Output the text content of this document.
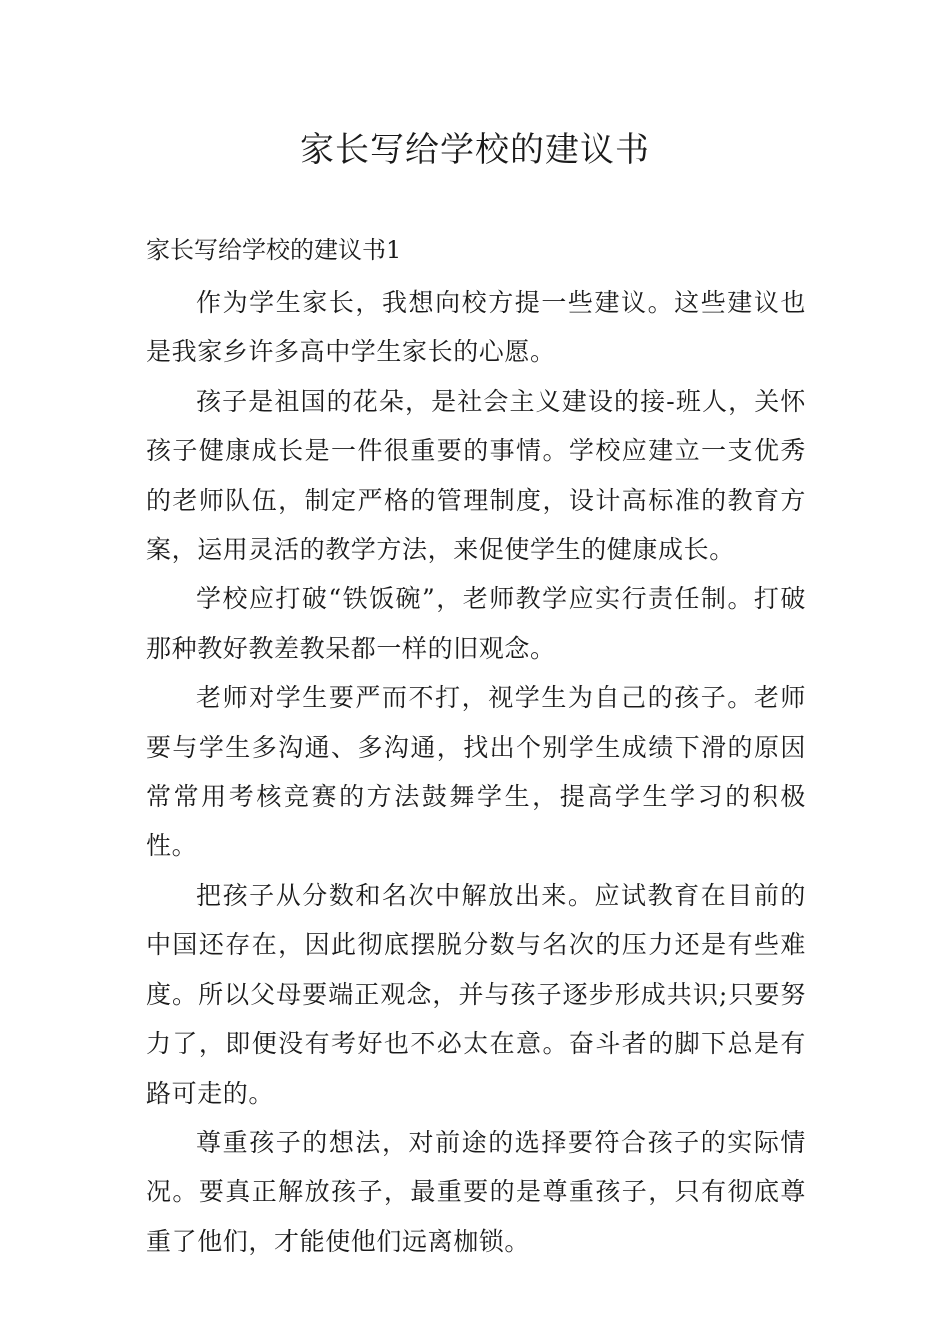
家长写给学校的建议书

家长写给学校的建议书1

作为学生家长，我想向校方提一些建议。这些建议也是我家乡许多高中学生家长的心愿。

孩子是祖国的花朵，是社会主义建设的接-班人，关怀孩子健康成长是一件很重要的事情。学校应建立一支优秀的老师队伍，制定严格的管理制度，设计高标准的教育方案，运用灵活的教学方法，来促使学生的健康成长。

学校应打破“铁饭碗”，老师教学应实行责任制。打破那种教好教差教呆都一样的旧观念。

老师对学生要严而不打，视学生为自己的孩子。老师要与学生多沟通、多沟通，找出个别学生成绩下滑的原因常常用考核竞赛的方法鼓舞学生，提高学生学习的积极性。

把孩子从分数和名次中解放出来。应试教育在目前的中国还存在，因此彻底摆脱分数与名次的压力还是有些难度。所以父母要端正观念，并与孩子逐步形成共识;只要努力了，即便没有考好也不必太在意。奋斗者的脚下总是有路可走的。

尊重孩子的想法，对前途的选择要符合孩子的实际情况。要真正解放孩子，最重要的是尊重孩子，只有彻底尊重了他们，才能使他们远离枷锁。
